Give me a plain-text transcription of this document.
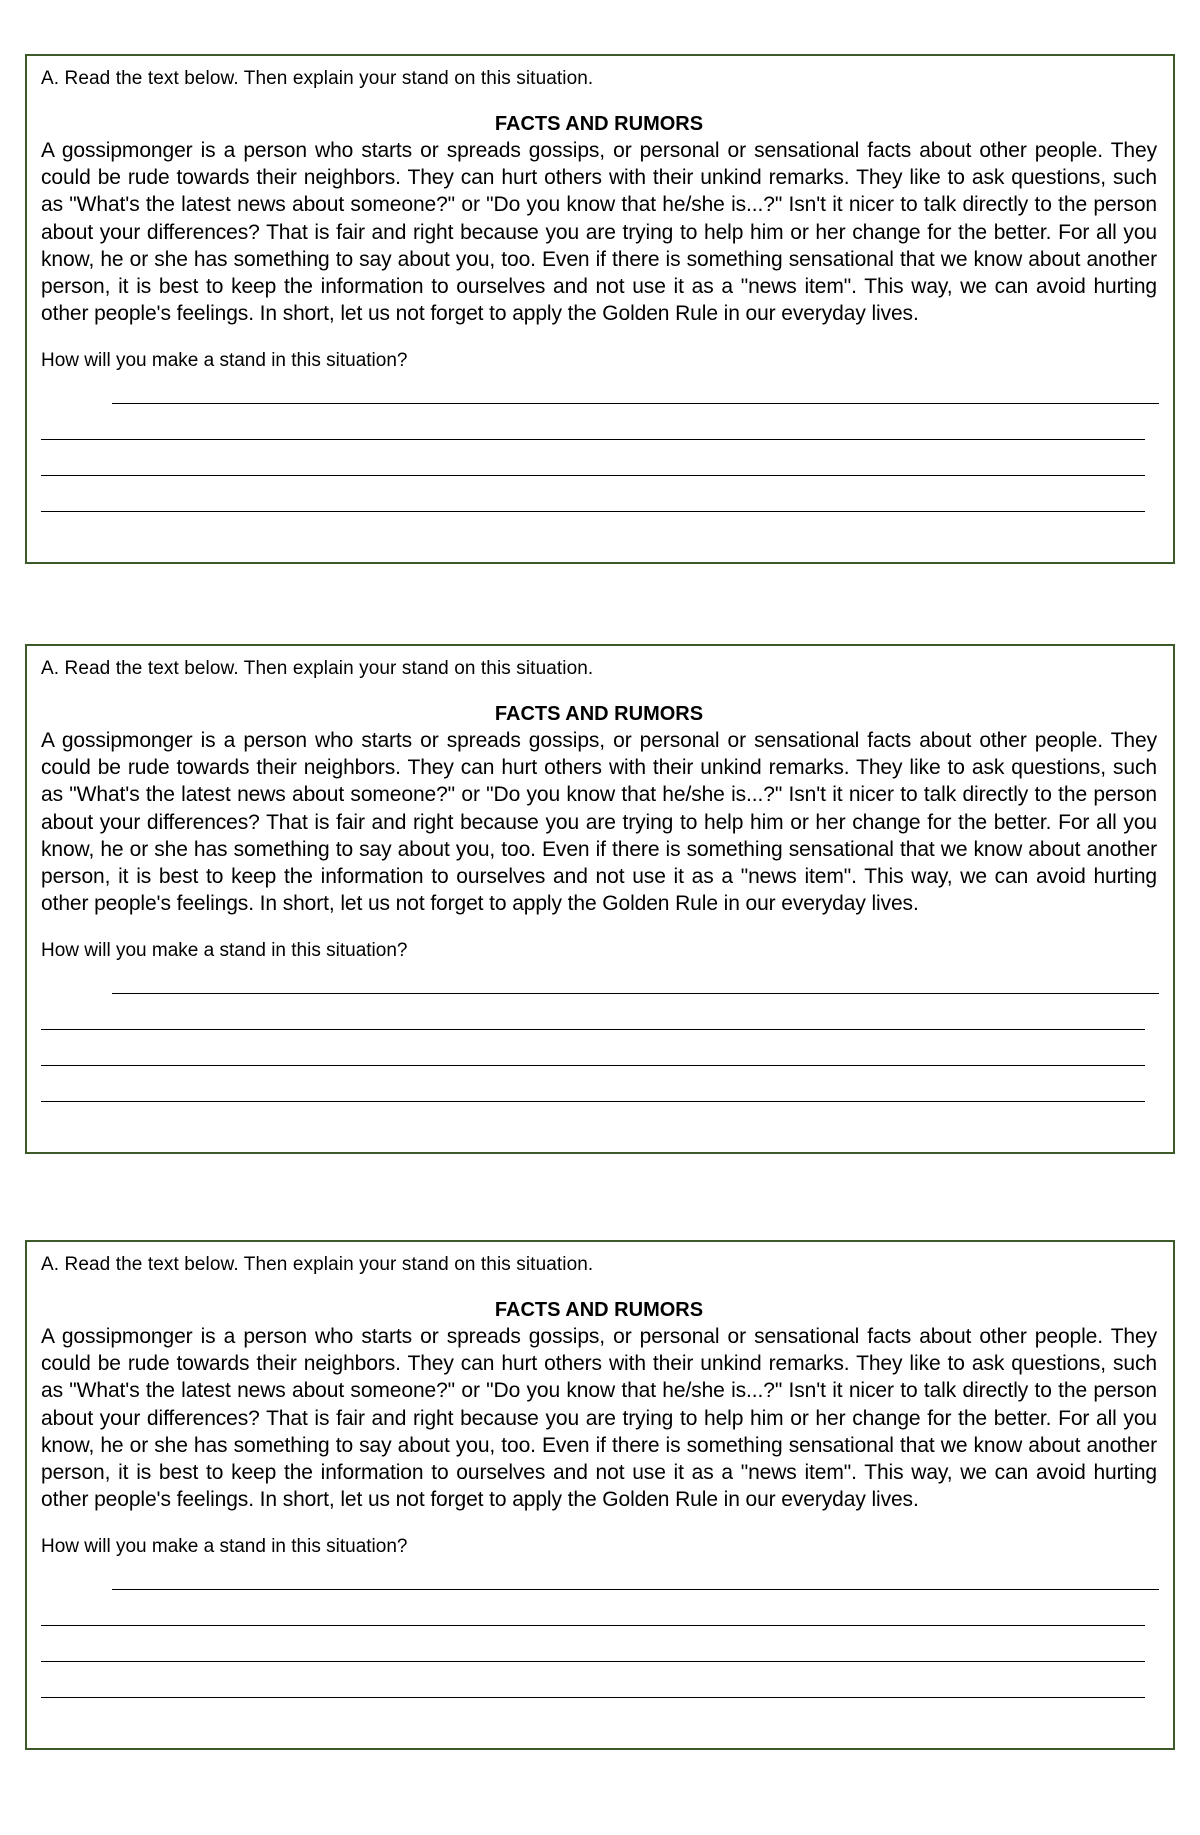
A. Read the text below. Then explain your stand on this situation.

FACTS AND RUMORS

A gossipmonger is a person who starts or spreads gossips, or personal or sensational facts about other people. They could be rude towards their neighbors. They can hurt others with their unkind remarks. They like to ask questions, such as "What's the latest news about someone?" or "Do you know that he/she is...?" Isn't it nicer to talk directly to the person about your differences? That is fair and right because you are trying to help him or her change for the better. For all you know, he or she has something to say about you, too. Even if there is something sensational that we know about another person, it is best to keep the information to ourselves and not use it as a "news item". This way, we can avoid hurting other people's feelings. In short, let us not forget to apply the Golden Rule in our everyday lives.

How will you make a stand in this situation?

A. Read the text below. Then explain your stand on this situation.

FACTS AND RUMORS

A gossipmonger is a person who starts or spreads gossips, or personal or sensational facts about other people. They could be rude towards their neighbors. They can hurt others with their unkind remarks. They like to ask questions, such as "What's the latest news about someone?" or "Do you know that he/she is...?" Isn't it nicer to talk directly to the person about your differences? That is fair and right because you are trying to help him or her change for the better. For all you know, he or she has something to say about you, too. Even if there is something sensational that we know about another person, it is best to keep the information to ourselves and not use it as a "news item". This way, we can avoid hurting other people's feelings. In short, let us not forget to apply the Golden Rule in our everyday lives.

How will you make a stand in this situation?

A. Read the text below. Then explain your stand on this situation.

FACTS AND RUMORS

A gossipmonger is a person who starts or spreads gossips, or personal or sensational facts about other people. They could be rude towards their neighbors. They can hurt others with their unkind remarks. They like to ask questions, such as "What's the latest news about someone?" or "Do you know that he/she is...?" Isn't it nicer to talk directly to the person about your differences? That is fair and right because you are trying to help him or her change for the better. For all you know, he or she has something to say about you, too. Even if there is something sensational that we know about another person, it is best to keep the information to ourselves and not use it as a "news item". This way, we can avoid hurting other people's feelings. In short, let us not forget to apply the Golden Rule in our everyday lives.

How will you make a stand in this situation?
